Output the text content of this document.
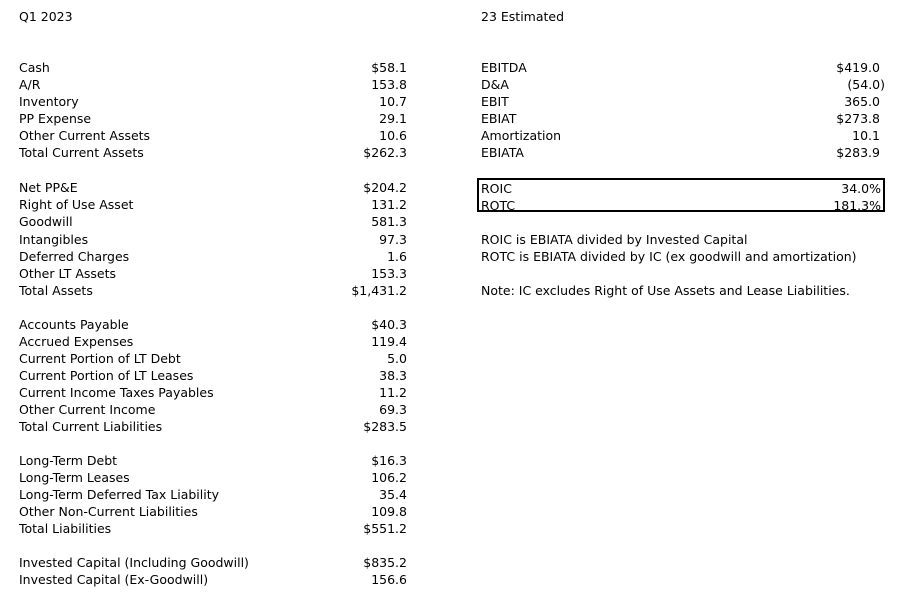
Q1 2023	23 Estimated
Cash	$58.1
A/R	153.8
Inventory	10.7
PP Expense	29.1
Other Current Assets	10.6
Total Current Assets	$262.3
Net PP&E	$204.2
Right of Use Asset	131.2
Goodwill	581.3
Intangibles	97.3
Deferred Charges	1.6
Other LT Assets	153.3
Total Assets	$1,431.2
Accounts Payable	$40.3
Accrued Expenses	119.4
Current Portion of LT Debt	5.0
Current Portion of LT Leases	38.3
Current Income Taxes Payables	11.2
Other Current Income	69.3
Total Current Liabilities	$283.5
Long-Term Debt	$16.3
Long-Term Leases	106.2
Long-Term Deferred Tax Liability	35.4
Other Non-Current Liabilities	109.8
Total Liabilities	$551.2
Invested Capital (Including Goodwill)	$835.2
Invested Capital (Ex-Goodwill)	156.6
EBITDA	$419.0
D&A	(54.0)
EBIT	365.0
EBIAT	$273.8
Amortization	10.1
EBIATA	$283.9
ROIC	34.0%
ROTC	181.3%
ROIC is EBIATA divided by Invested Capital
ROTC is EBIATA divided by IC (ex goodwill and amortization)
Note: IC excludes Right of Use Assets and Lease Liabilities.
